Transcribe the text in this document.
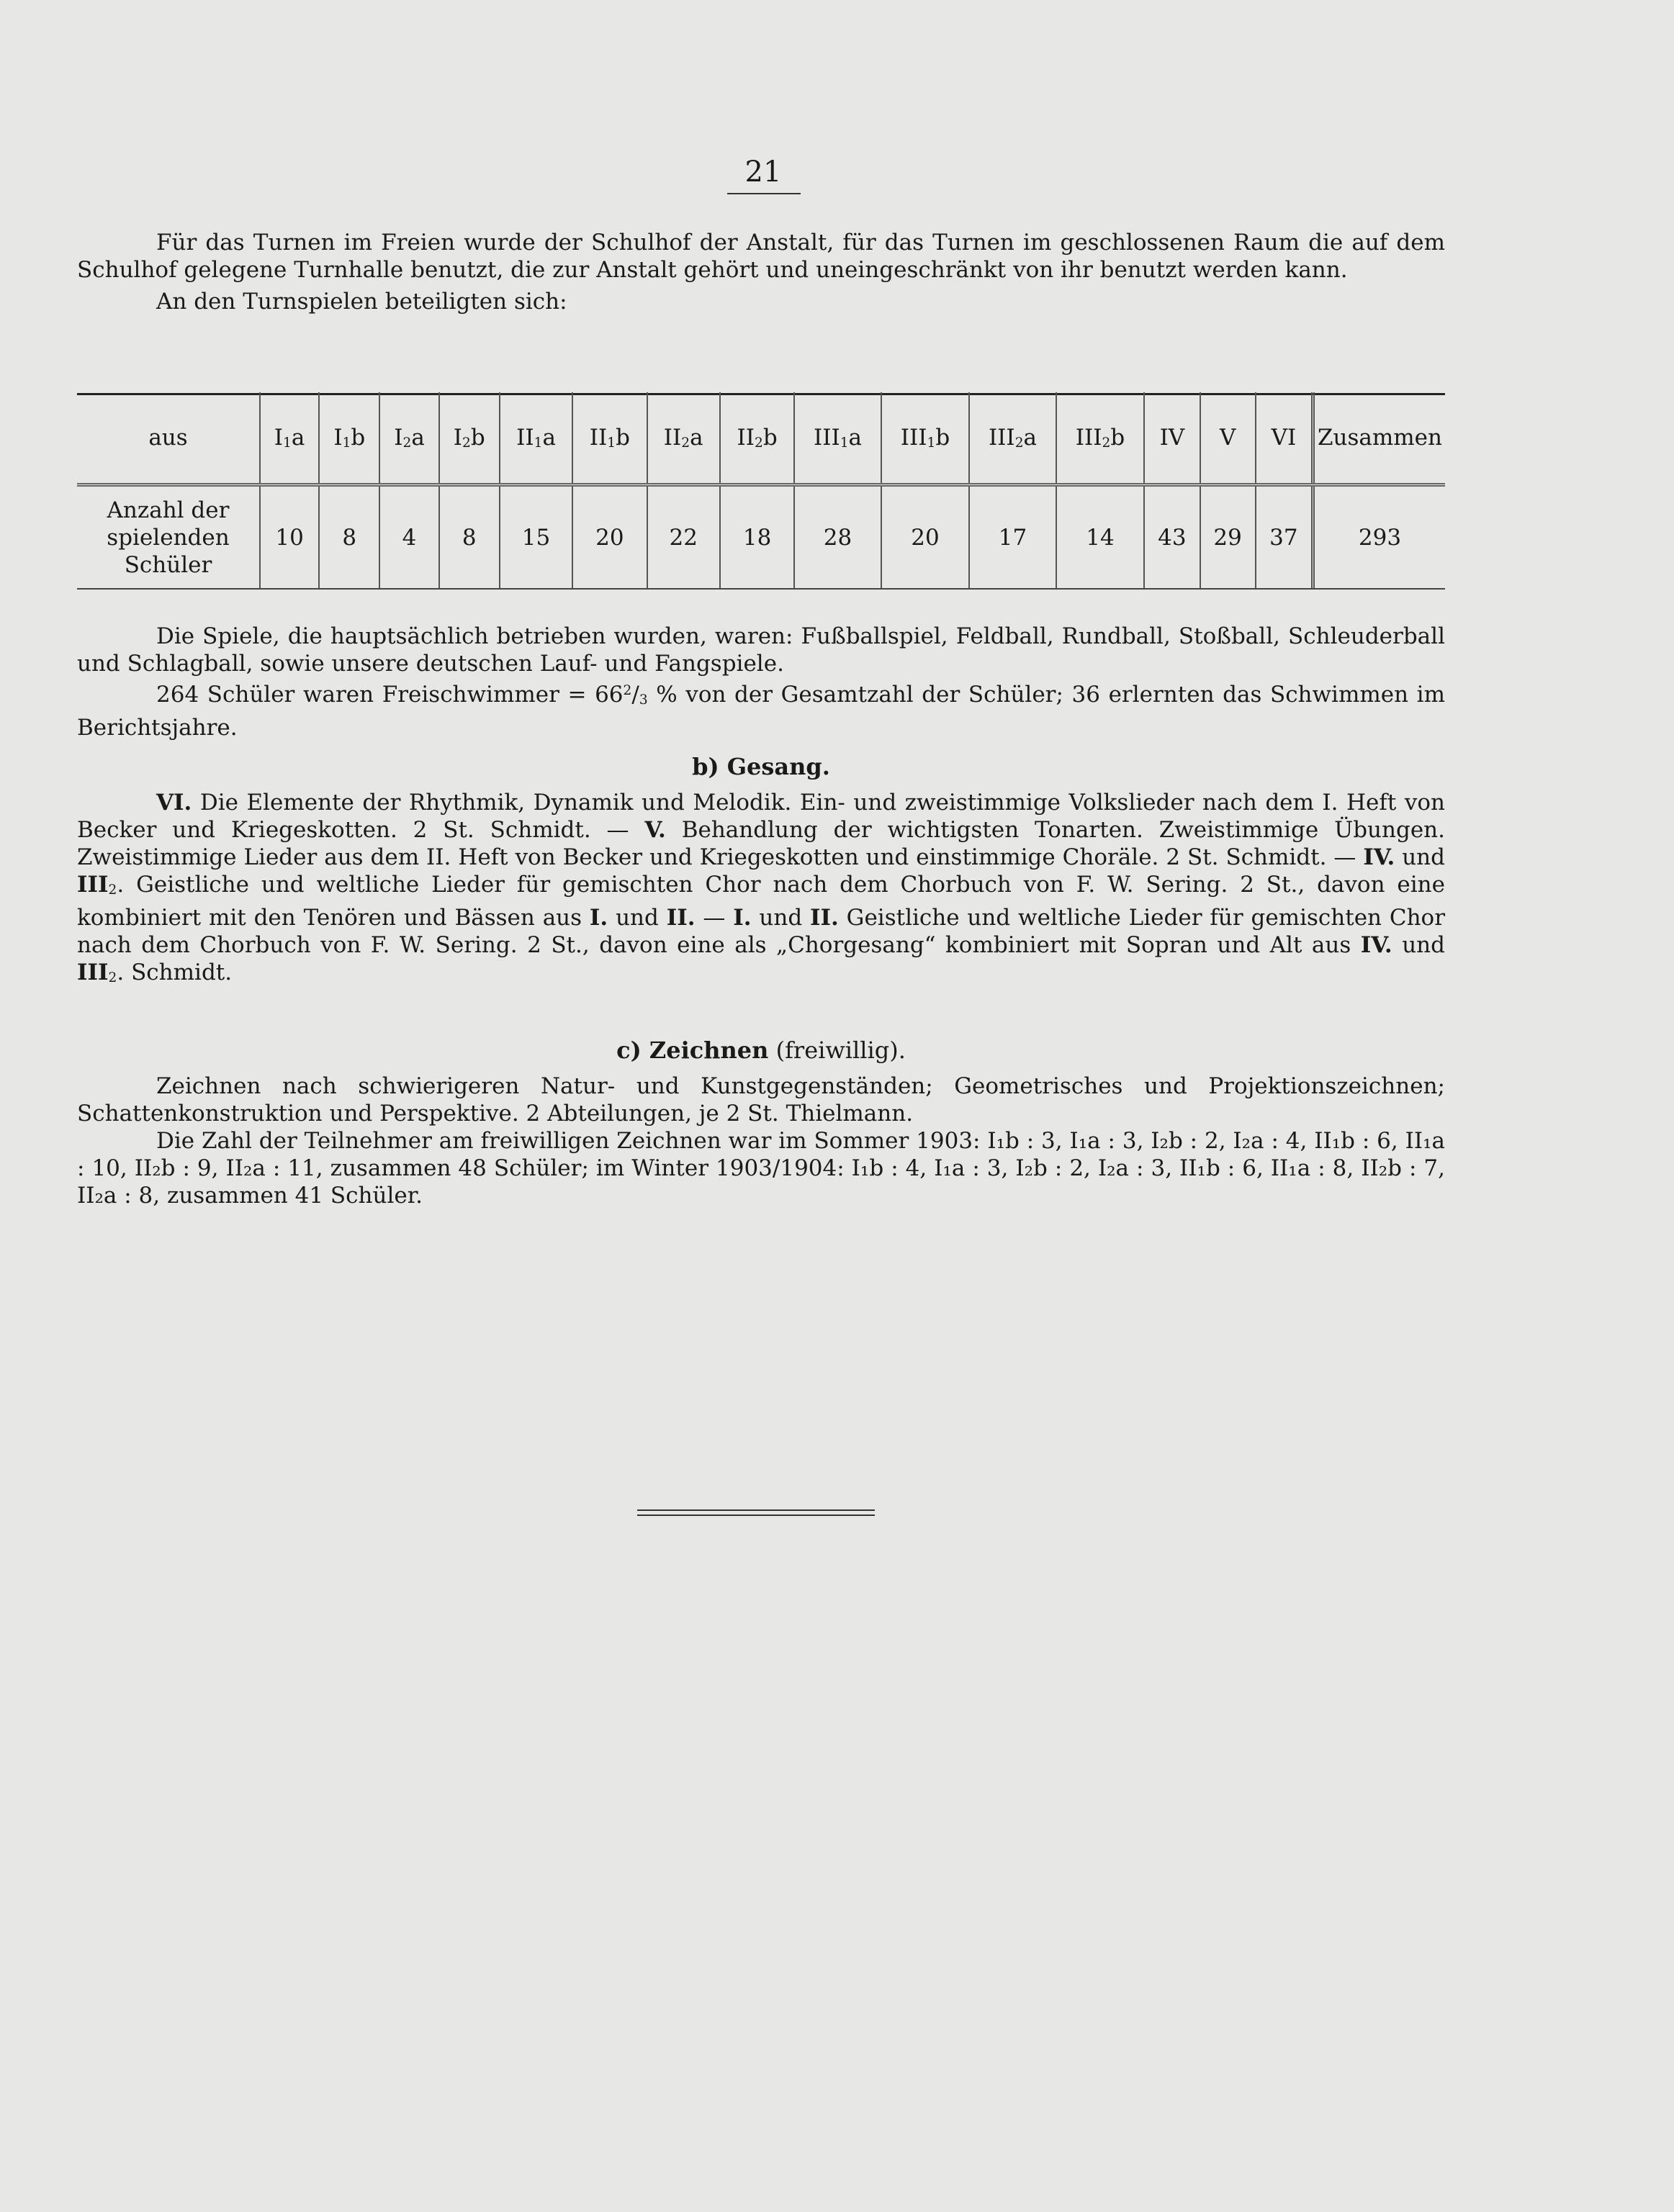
21

Für das Turnen im Freien wurde der Schulhof der Anstalt, für das Turnen im geschlossenen Raum die auf dem Schulhof gelegene Turnhalle benutzt, die zur Anstalt gehört und uneingeschränkt von ihr benutzt werden kann.

An den Turnspielen beteiligten sich:

aus	$I_1a$	$I_1b$	$I_2a$	$I_2b$	$II_1a$	$II_1b$	$II_2a$	$II_2b$	$III_1a$	$III_1b$	$III_2a$	$III_2b$	IV	V	VI	Zusammen
Anzahl der spielenden Schüler	10	8	4	8	15	20	22	18	28	20	17	14	43	29	37	293

Die Spiele, die hauptsächlich betrieben wurden, waren: Fußballspiel, Feldball, Rundball, Stoßball, Schleuderball und Schlagball, sowie unsere deutschen Lauf- und Fangspiele.

264 Schüler waren Freischwimmer = $66^2/_3$ % von der Gesamtzahl der Schüler; 36 erlernten das Schwimmen im Berichtsjahre.

b) Gesang.

VI. Die Elemente der Rhythmik, Dynamik und Melodik. Ein- und zweistimmige Volkslieder nach dem I. Heft von Becker und Kriegeskotten. 2 St. Schmidt. — V. Behandlung der wichtigsten Tonarten. Zweistimmige Übungen. Zweistimmige Lieder aus dem II. Heft von Becker und Kriegeskotten und einstimmige Choräle. 2 St. Schmidt. — IV. und $III_2$. Geistliche und weltliche Lieder für gemischten Chor nach dem Chorbuch von F. W. Sering. 2 St., davon eine kombiniert mit den Tenören und Bässen aus I. und II. — I. und II. Geistliche und weltliche Lieder für gemischten Chor nach dem Chorbuch von F. W. Sering. 2 St., davon eine als „Chorgesang“ kombiniert mit Sopran und Alt aus IV. und $III_2$. Schmidt.

c) Zeichnen (freiwillig).

Zeichnen nach schwierigeren Natur- und Kunstgegenständen; Geometrisches und Projektionszeichnen; Schattenkonstruktion und Perspektive. 2 Abteilungen, je 2 St. Thielmann.

Die Zahl der Teilnehmer am freiwilligen Zeichnen war im Sommer 1903: I₁b : 3, I₁a : 3, I₂b : 2, I₂a : 4, II₁b : 6, II₁a : 10, II₂b : 9, II₂a : 11, zusammen 48 Schüler; im Winter 1903/1904: I₁b : 4, I₁a : 3, I₂b : 2, I₂a : 3, II₁b : 6, II₁a : 8, II₂b : 7, II₂a : 8, zusammen 41 Schüler.
